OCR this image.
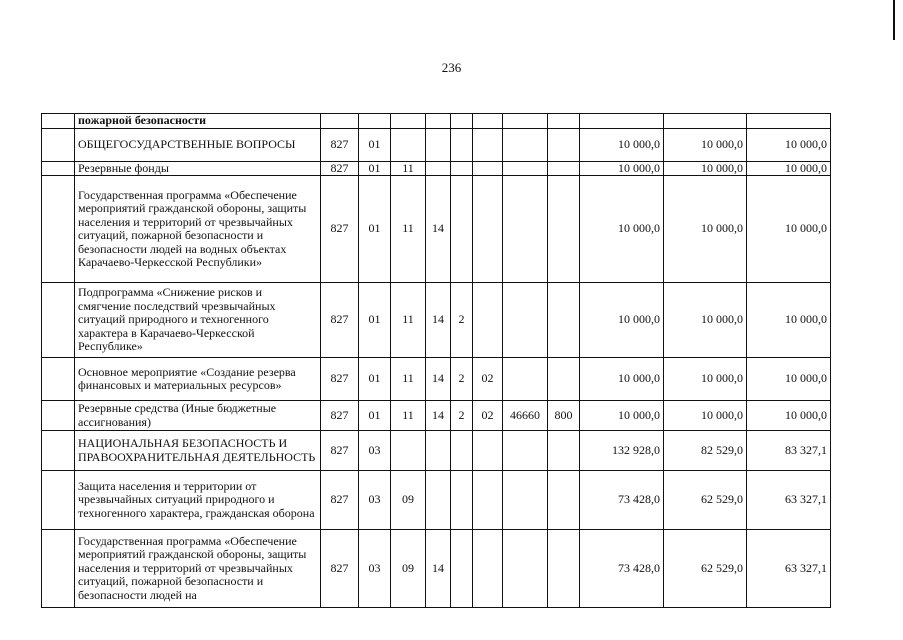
236
	пожарной безопасности											
	ОБЩЕГОСУДАРСТВЕННЫЕ ВОПРОСЫ	827	01							10 000,0	10 000,0	10 000,0
	Резервные фонды	827	01	11						10 000,0	10 000,0	10 000,0
	Государственная программа «Обеспечение мероприятий гражданской обороны, защиты населения и территорий от чрезвычайных ситуаций, пожарной безопасности и безопасности людей на водных объектах Карачаево-Черкесской Республики»	827	01	11	14					10 000,0	10 000,0	10 000,0
	Подпрограмма «Снижение рисков и смягчение последствий чрезвычайных ситуаций природного и техногенного характера в Карачаево-Черкесской Республике»	827	01	11	14	2				10 000,0	10 000,0	10 000,0
	Основное мероприятие «Создание резерва финансовых и материальных ресурсов»	827	01	11	14	2	02			10 000,0	10 000,0	10 000,0
	Резервные средства (Иные бюджетные ассигнования)	827	01	11	14	2	02	46660	800	10 000,0	10 000,0	10 000,0
	НАЦИОНАЛЬНАЯ БЕЗОПАСНОСТЬ И ПРАВООХРАНИТЕЛЬНАЯ ДЕЯТЕЛЬНОСТЬ	827	03							132 928,0	82 529,0	83 327,1
	Защита населения и территории от чрезвычайных ситуаций природного и техногенного характера, гражданская оборона	827	03	09						73 428,0	62 529,0	63 327,1
	Государственная программа «Обеспечение мероприятий гражданской обороны, защиты населения и территорий от чрезвычайных ситуаций, пожарной безопасности и безопасности людей на	827	03	09	14					73 428,0	62 529,0	63 327,1
